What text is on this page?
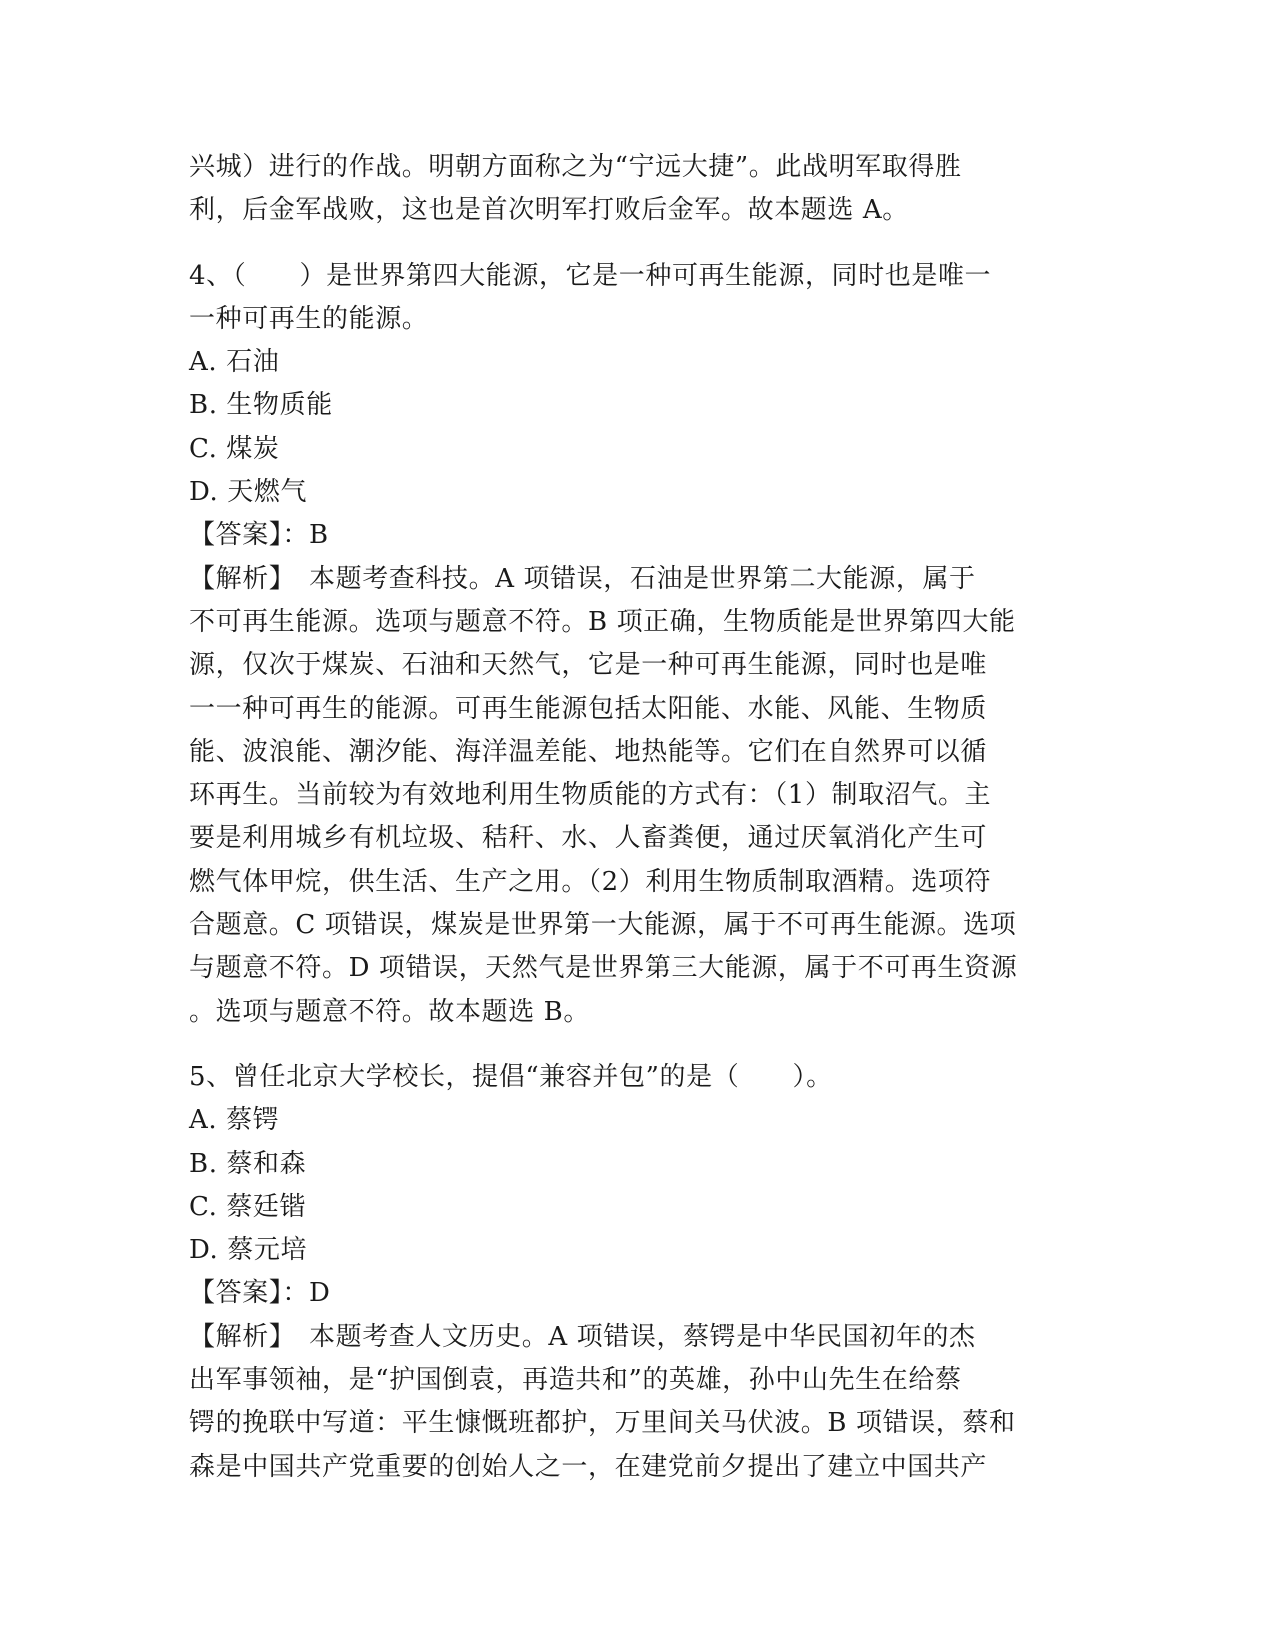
兴城）进行的作战。明朝方面称之为“宁远大捷”。此战明军取得胜
利，后金军战败，这也是首次明军打败后金军。故本题选 A。
4、（　　）是世界第四大能源，它是一种可再生能源，同时也是唯一
一种可再生的能源。
A. 石油
B. 生物质能
C. 煤炭
D. 天燃气
【答案】：B
【解析】　本题考查科技。A 项错误，石油是世界第二大能源，属于
不可再生能源。选项与题意不符。B 项正确，生物质能是世界第四大能
源，仅次于煤炭、石油和天然气，它是一种可再生能源，同时也是唯
一一种可再生的能源。可再生能源包括太阳能、水能、风能、生物质
能、波浪能、潮汐能、海洋温差能、地热能等。它们在自然界可以循
环再生。当前较为有效地利用生物质能的方式有：（1）制取沼气。主
要是利用城乡有机垃圾、秸秆、水、人畜粪便，通过厌氧消化产生可
燃气体甲烷，供生活、生产之用。（2）利用生物质制取酒精。选项符
合题意。C 项错误，煤炭是世界第一大能源，属于不可再生能源。选项
与题意不符。D 项错误，天然气是世界第三大能源，属于不可再生资源
。选项与题意不符。故本题选 B。
5、曾任北京大学校长，提倡“兼容并包”的是（　　）。
A. 蔡锷
B. 蔡和森
C. 蔡廷锴
D. 蔡元培
【答案】：D
【解析】　本题考查人文历史。A 项错误，蔡锷是中华民国初年的杰
出军事领袖，是“护国倒袁，再造共和”的英雄，孙中山先生在给蔡
锷的挽联中写道：平生慷慨班都护，万里间关马伏波。B 项错误，蔡和
森是中国共产党重要的创始人之一，在建党前夕提出了建立中国共产
